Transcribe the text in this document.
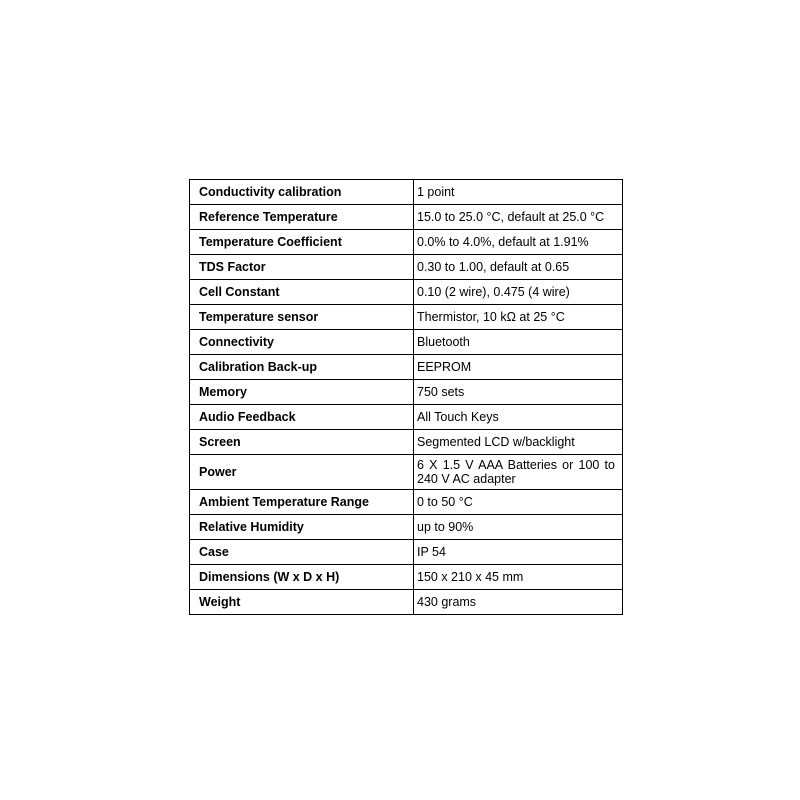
Conductivity calibration	1 point
Reference Temperature	15.0 to 25.0 °C, default at 25.0 °C
Temperature Coefficient	0.0% to 4.0%, default at 1.91%
TDS Factor	0.30 to 1.00, default at 0.65
Cell Constant	0.10 (2 wire), 0.475 (4 wire)
Temperature sensor	Thermistor, 10 kΩ at 25 °C
Connectivity	Bluetooth
Calibration Back-up	EEPROM
Memory	750 sets
Audio Feedback	All Touch Keys
Screen	Segmented LCD w/backlight
Power	6 X 1.5 V AAA Batteries or 100 to 240 V AC adapter
Ambient Temperature Range	0 to 50 °C
Relative Humidity	up to 90%
Case	IP 54
Dimensions (W x D x H)	150 x 210 x 45 mm
Weight	430 grams
